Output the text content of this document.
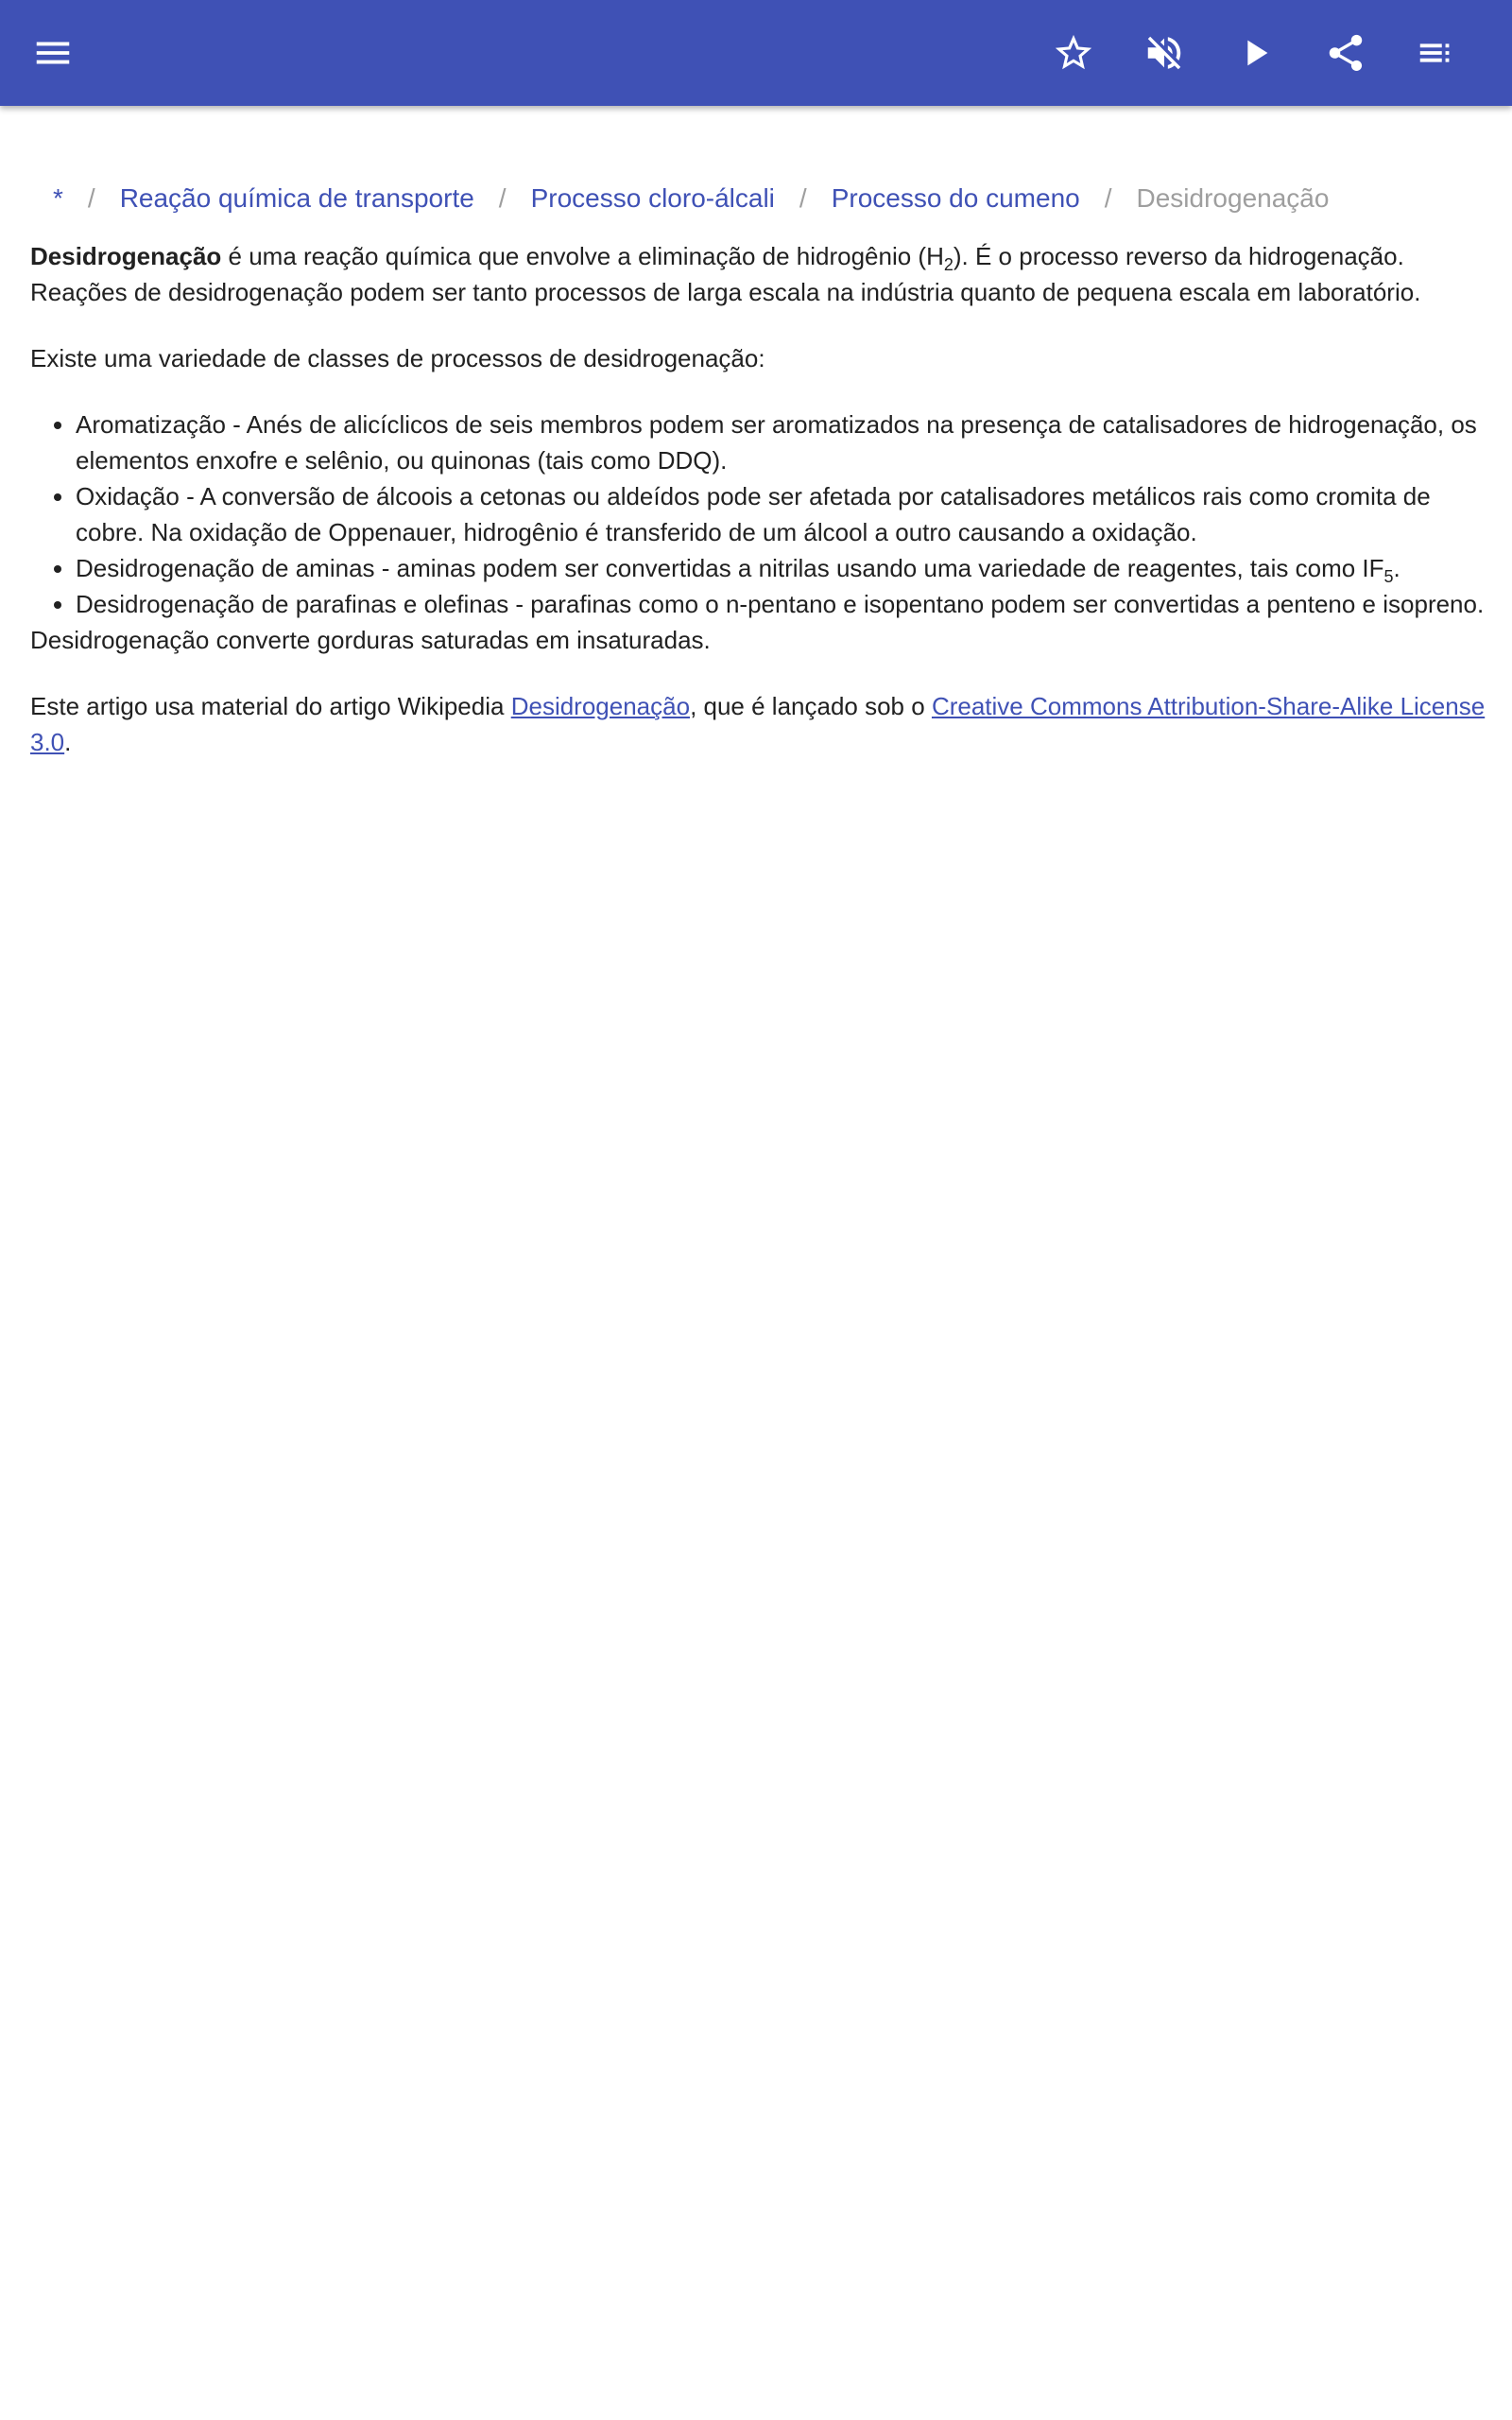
* / Reação química de transporte / Processo cloro-álcali / Processo do cumeno / Desidrogenação

Desidrogenação é uma reação química que envolve a eliminação de hidrogênio $(H_2)$. É o processo reverso da hidrogenação. Reações de desidrogenação podem ser tanto processos de larga escala na indústria quanto de pequena escala em laboratório.

Existe uma variedade de classes de processos de desidrogenação:

• Aromatização - Anés de alicíclicos de seis membros podem ser aromatizados na presença de catalisadores de hidrogenação, os elementos enxofre e selênio, ou quinonas (tais como DDQ).
• Oxidação - A conversão de álcoois a cetonas ou aldeídos pode ser afetada por catalisadores metálicos rais como cromita de cobre. Na oxidação de Oppenauer, hidrogênio é transferido de um álcool a outro causando a oxidação.
• Desidrogenação de aminas - aminas podem ser convertidas a nitrilas usando uma variedade de reagentes, tais como $IF_5$.
• Desidrogenação de parafinas e olefinas - parafinas como o n-pentano e isopentano podem ser convertidas a penteno e isopreno.

Desidrogenação converte gorduras saturadas em insaturadas.

Este artigo usa material do artigo Wikipedia Desidrogenação, que é lançado sob o Creative Commons Attribution-Share-Alike License 3.0.
